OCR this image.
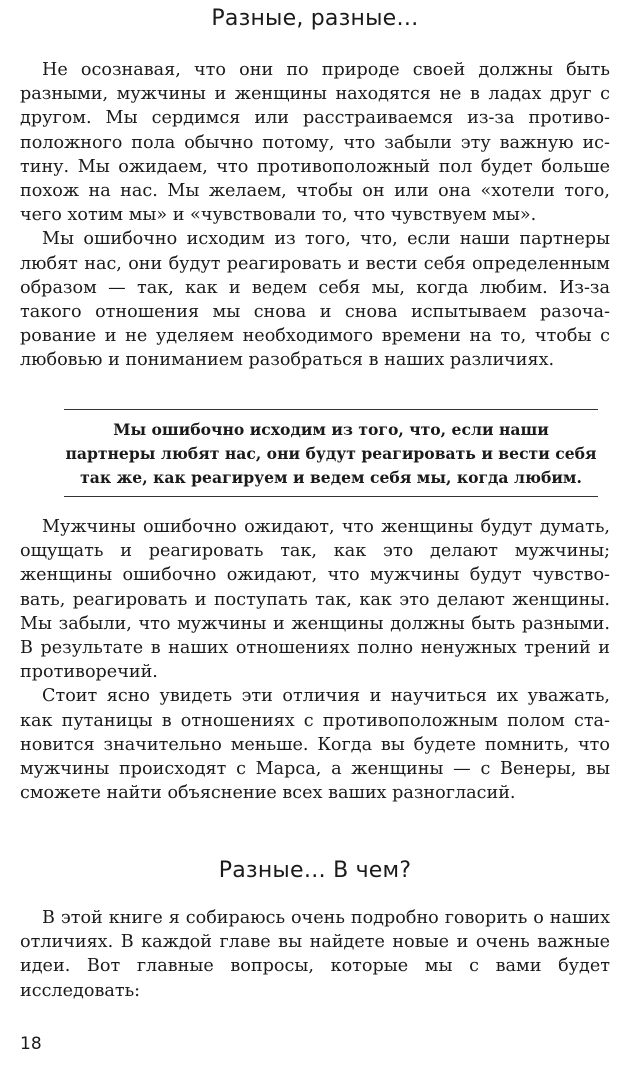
Разные, разные…

Не осознавая, что они по природе своей должны быть разными, мужчины и женщины находятся не в ладах друг с другом. Мы сердимся или расстраиваемся из-за противоположного пола обычно потому, что забыли эту важную истину. Мы ожидаем, что противоположный пол будет больше похож на нас. Мы желаем, чтобы он или она «хотели того, чего хотим мы» и «чувствовали то, что чувствуем мы».

Мы ошибочно исходим из того, что, если наши партнеры любят нас, они будут реагировать и вести себя определенным образом — так, как и ведем себя мы, когда любим. Из-за такого отношения мы снова и снова испытываем разочарование и не уделяем необходимого времени на то, чтобы с любовью и пониманием разобраться в наших различиях.

Мы ошибочно исходим из того, что, если наши

партнеры любят нас, они будут реагировать и вести себя

так же, как реагируем и ведем себя мы, когда любим.

Мужчины ошибочно ожидают, что женщины будут думать, ощущать и реагировать так, как это делают мужчины; женщины ошибочно ожидают, что мужчины будут чувствовать, реагировать и поступать так, как это делают женщины. Мы забыли, что мужчины и женщины должны быть разными. В результате в наших отношениях полно ненужных трений и противоречий.

Стоит ясно увидеть эти отличия и научиться их уважать, как путаницы в отношениях с противоположным полом становится значительно меньше. Когда вы будете помнить, что мужчины происходят с Марса, а женщины — с Венеры, вы сможете найти объяснение всех ваших разногласий.

Разные… В чем?

В этой книге я собираюсь очень подробно говорить о наших отличиях. В каждой главе вы найдете новые и очень важные идеи. Вот главные вопросы, которые мы с вами будет исследовать:

18
